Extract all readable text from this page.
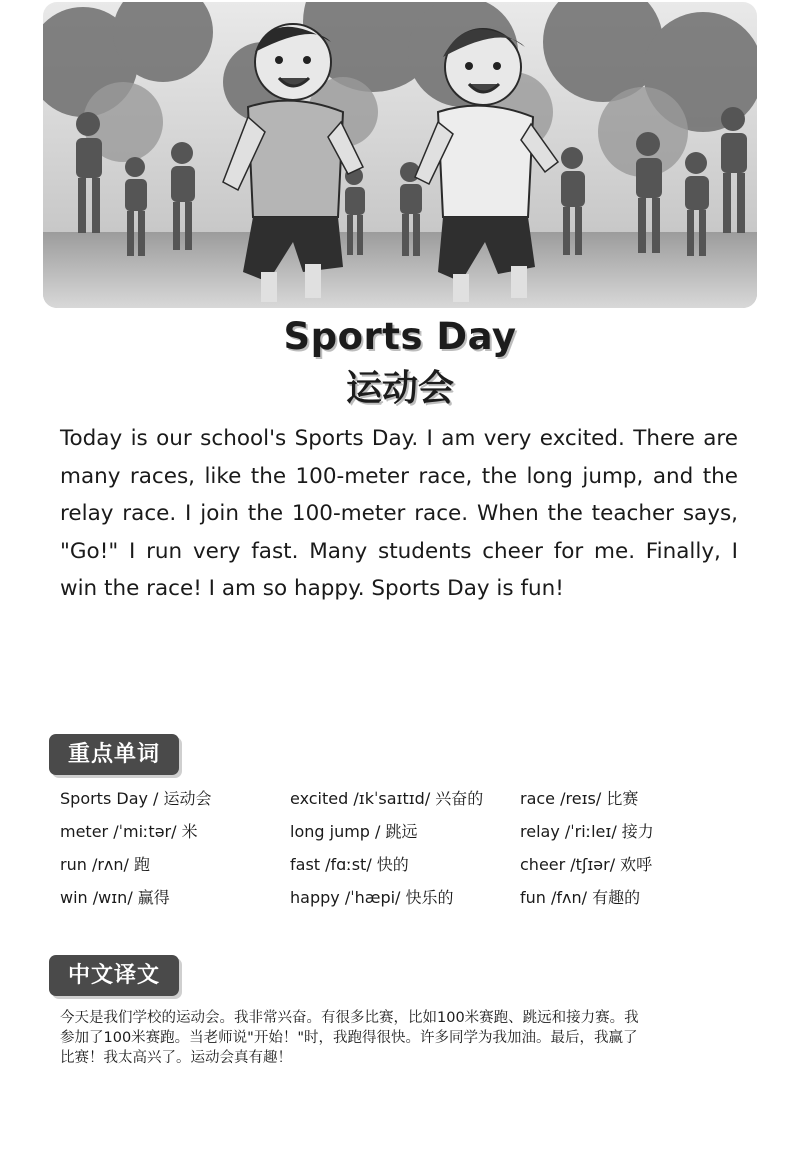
Sports Day
运动会

Today is our school's Sports Day. I am very excited. There are many races, like the 100-meter race, the long jump, and the relay race. I join the 100-meter race. When the teacher says, "Go!" I run very fast. Many students cheer for me. Finally, I win the race! I am so happy. Sports Day is fun!

重点单词
Sports Day / 运动会	excited /ɪkˈsaɪtɪd/ 兴奋的	race /reɪs/ 比赛
meter /ˈmiːtər/ 米	long jump / 跳远	relay /ˈriːleɪ/ 接力
run /rʌn/ 跑	fast /fɑːst/ 快的	cheer /tʃɪər/ 欢呼
win /wɪn/ 赢得	happy /ˈhæpi/ 快乐的	fun /fʌn/ 有趣的
中文译文

今天是我们学校的运动会。我非常兴奋。有很多比赛，比如100米赛跑、跳远和接力赛。我参加了100米赛跑。当老师说"开始！"时，我跑得很快。许多同学为我加油。最后，我赢了比赛！我太高兴了。运动会真有趣！
